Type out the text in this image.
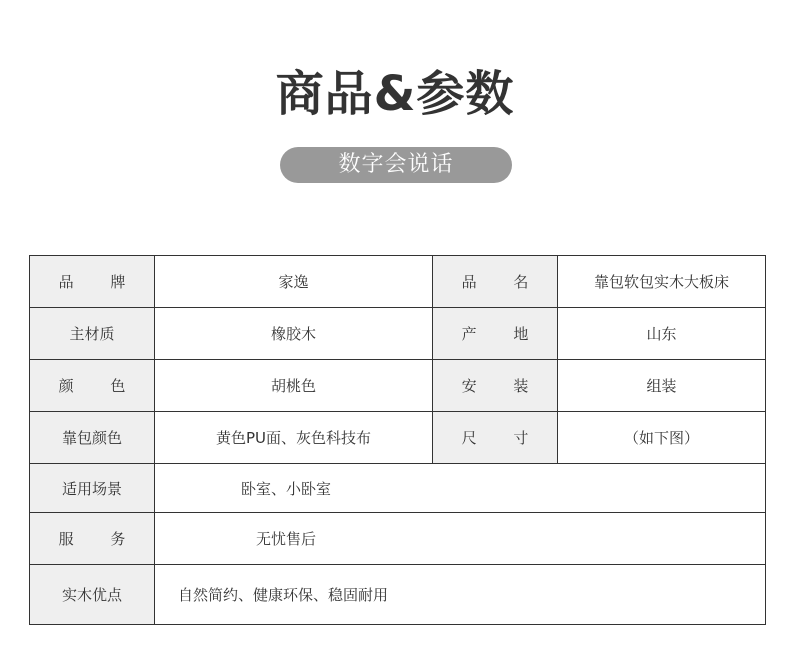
商品&参数
数字会说话
品 牌	家逸	品 名	靠包软包实木大板床
主材质	橡胶木	产 地	山东
颜 色	胡桃色	安 装	组装
靠包颜色	黄色PU面、灰色科技布	尺 寸	（如下图）
适用场景	卧室、小卧室		
服 务	无忧售后		
实木优点	自然简约、健康环保、稳固耐用		
